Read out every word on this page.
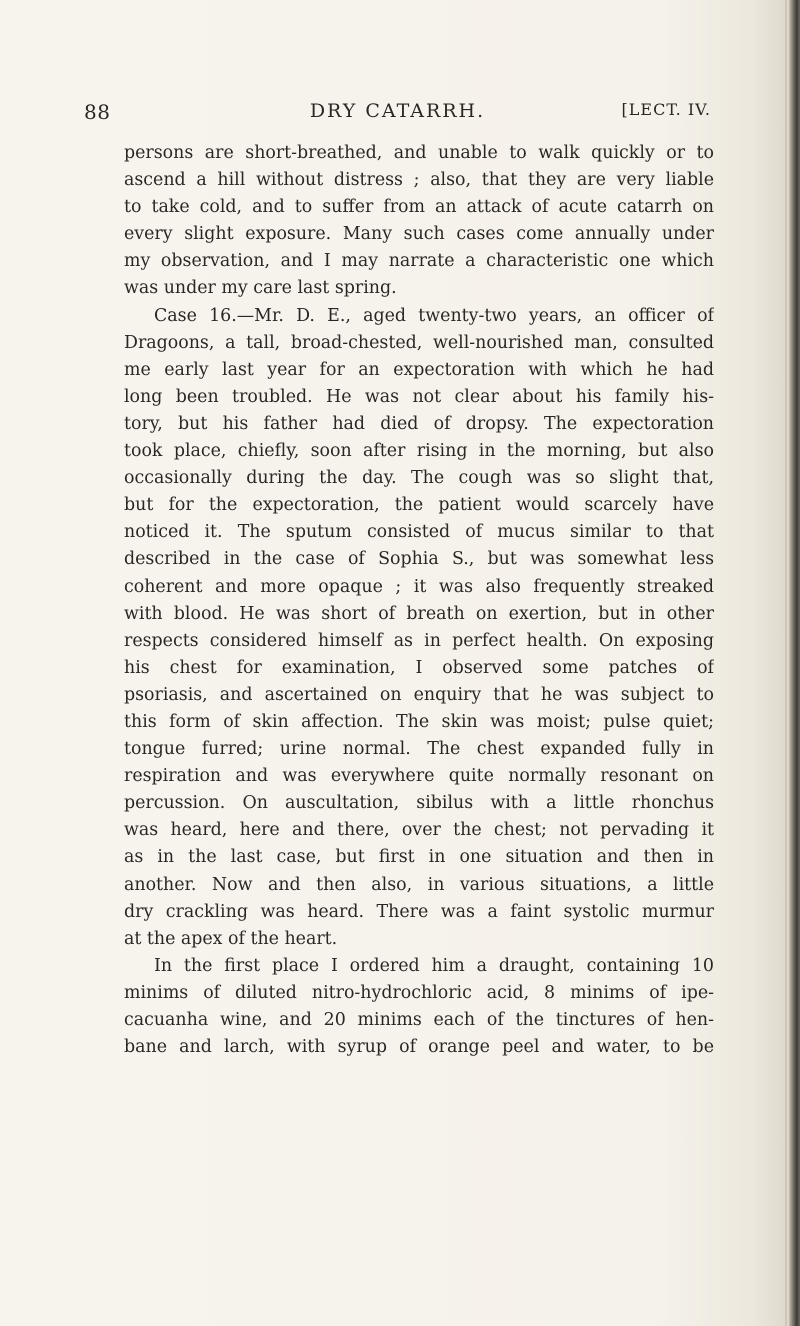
88	DRY CATARRH.	[LECT. IV.
persons are short-breathed, and unable to walk quickly or to
ascend a hill without distress ; also, that they are very liable
to take cold, and to suffer from an attack of acute catarrh on
every slight exposure. Many such cases come annually under
my observation, and I may narrate a characteristic one which
was under my care last spring.
Case 16.—Mr. D. E., aged twenty-two years, an officer of
Dragoons, a tall, broad-chested, well-nourished man, consulted
me early last year for an expectoration with which he had
long been troubled. He was not clear about his family his-
tory, but his father had died of dropsy. The expectoration
took place, chiefly, soon after rising in the morning, but also
occasionally during the day. The cough was so slight that,
but for the expectoration, the patient would scarcely have
noticed it. The sputum consisted of mucus similar to that
described in the case of Sophia S., but was somewhat less
coherent and more opaque ; it was also frequently streaked
with blood. He was short of breath on exertion, but in other
respects considered himself as in perfect health. On exposing
his chest for examination, I observed some patches of
psoriasis, and ascertained on enquiry that he was subject to
this form of skin affection. The skin was moist; pulse quiet;
tongue furred; urine normal. The chest expanded fully in
respiration and was everywhere quite normally resonant on
percussion. On auscultation, sibilus with a little rhonchus
was heard, here and there, over the chest; not pervading it
as in the last case, but first in one situation and then in
another. Now and then also, in various situations, a little
dry crackling was heard. There was a faint systolic murmur
at the apex of the heart.
In the first place I ordered him a draught, containing 10
minims of diluted nitro-hydrochloric acid, 8 minims of ipe-
cacuanha wine, and 20 minims each of the tinctures of hen-
bane and larch, with syrup of orange peel and water, to be
